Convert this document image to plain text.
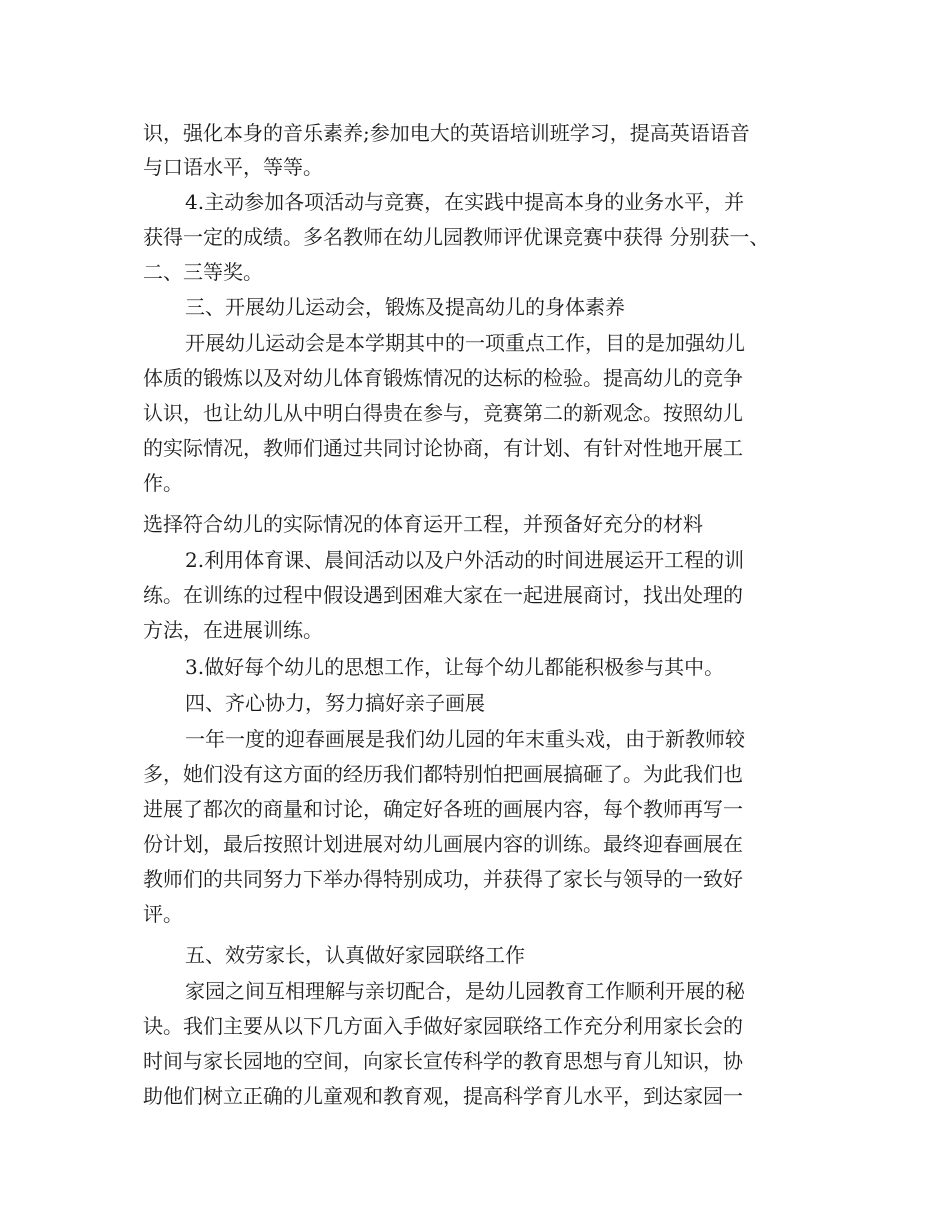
识，强化本身的音乐素养;参加电大的英语培训班学习，提高英语语音

与口语水平，等等。

4.主动参加各项活动与竞赛，在实践中提高本身的业务水平，并

获得一定的成绩。多名教师在幼儿园教师评优课竞赛中获得 分别获一、

二、三等奖。

三、开展幼儿运动会，锻炼及提高幼儿的身体素养

开展幼儿运动会是本学期其中的一项重点工作，目的是加强幼儿

体质的锻炼以及对幼儿体育锻炼情况的达标的检验。提高幼儿的竞争

认识，也让幼儿从中明白得贵在参与，竞赛第二的新观念。按照幼儿

的实际情况，教师们通过共同讨论协商，有计划、有针对性地开展工

作。

选择符合幼儿的实际情况的体育运开工程，并预备好充分的材料

2.利用体育课、晨间活动以及户外活动的时间进展运开工程的训

练。在训练的过程中假设遇到困难大家在一起进展商讨，找出处理的

方法，在进展训练。

3.做好每个幼儿的思想工作，让每个幼儿都能积极参与其中。

四、齐心协力，努力搞好亲子画展

一年一度的迎春画展是我们幼儿园的年末重头戏，由于新教师较

多，她们没有这方面的经历我们都特别怕把画展搞砸了。为此我们也

进展了都次的商量和讨论，确定好各班的画展内容，每个教师再写一

份计划，最后按照计划进展对幼儿画展内容的训练。最终迎春画展在

教师们的共同努力下举办得特别成功，并获得了家长与领导的一致好

评。

五、效劳家长，认真做好家园联络工作

家园之间互相理解与亲切配合，是幼儿园教育工作顺利开展的秘

诀。我们主要从以下几方面入手做好家园联络工作充分利用家长会的

时间与家长园地的空间，向家长宣传科学的教育思想与育儿知识，协

助他们树立正确的儿童观和教育观，提高科学育儿水平，到达家园一
